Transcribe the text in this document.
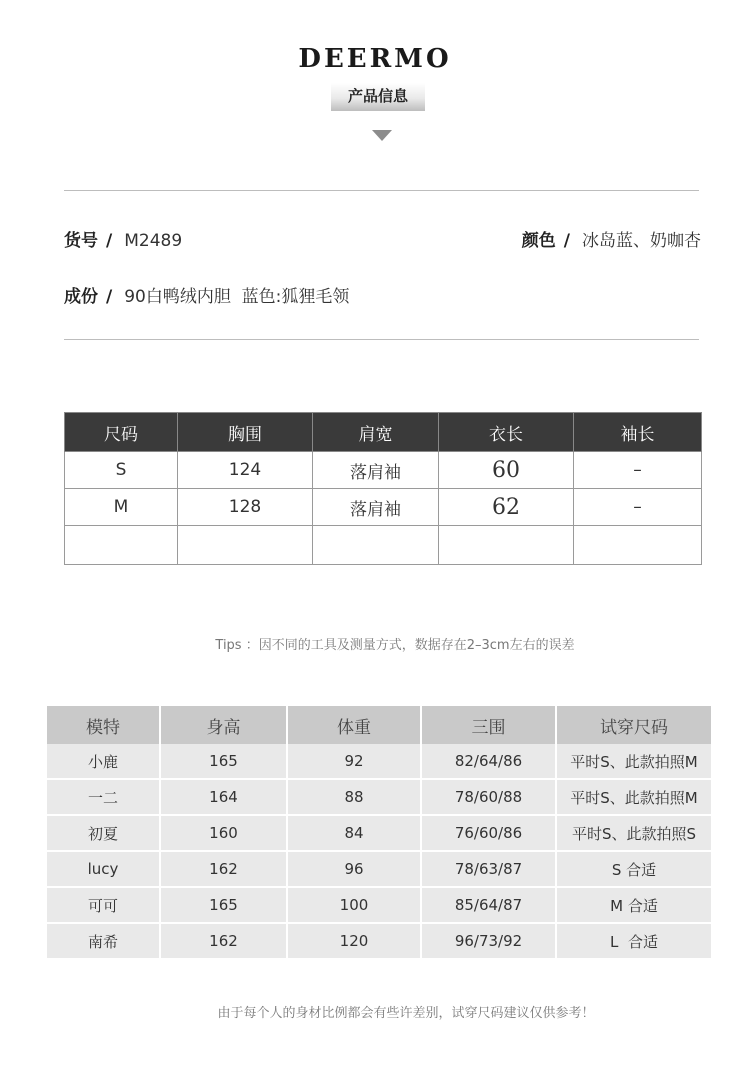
DEERMO
产品信息
货号 / M2489	颜色 / 冰岛蓝、奶咖杏
成份 / 90白鸭绒内胆  蓝色:狐狸毛领
尺码	胸围	肩宽	衣长	袖长
S	124	落肩袖	60	–
M	128	落肩袖	62	–

Tips ：因不同的工具及测量方式，数据存在2–3cm左右的误差
模特	身高	体重	三围	试穿尺码
小鹿	165	92	82/64/86	平时S、此款拍照M
一二	164	88	78/60/88	平时S、此款拍照M
初夏	160	84	76/60/86	平时S、此款拍照S
lucy	162	96	78/63/87	S 合适
可可	165	100	85/64/87	M 合适
南希	162	120	96/73/92	L  合适
由于每个人的身材比例都会有些许差别，试穿尺码建议仅供参考！
